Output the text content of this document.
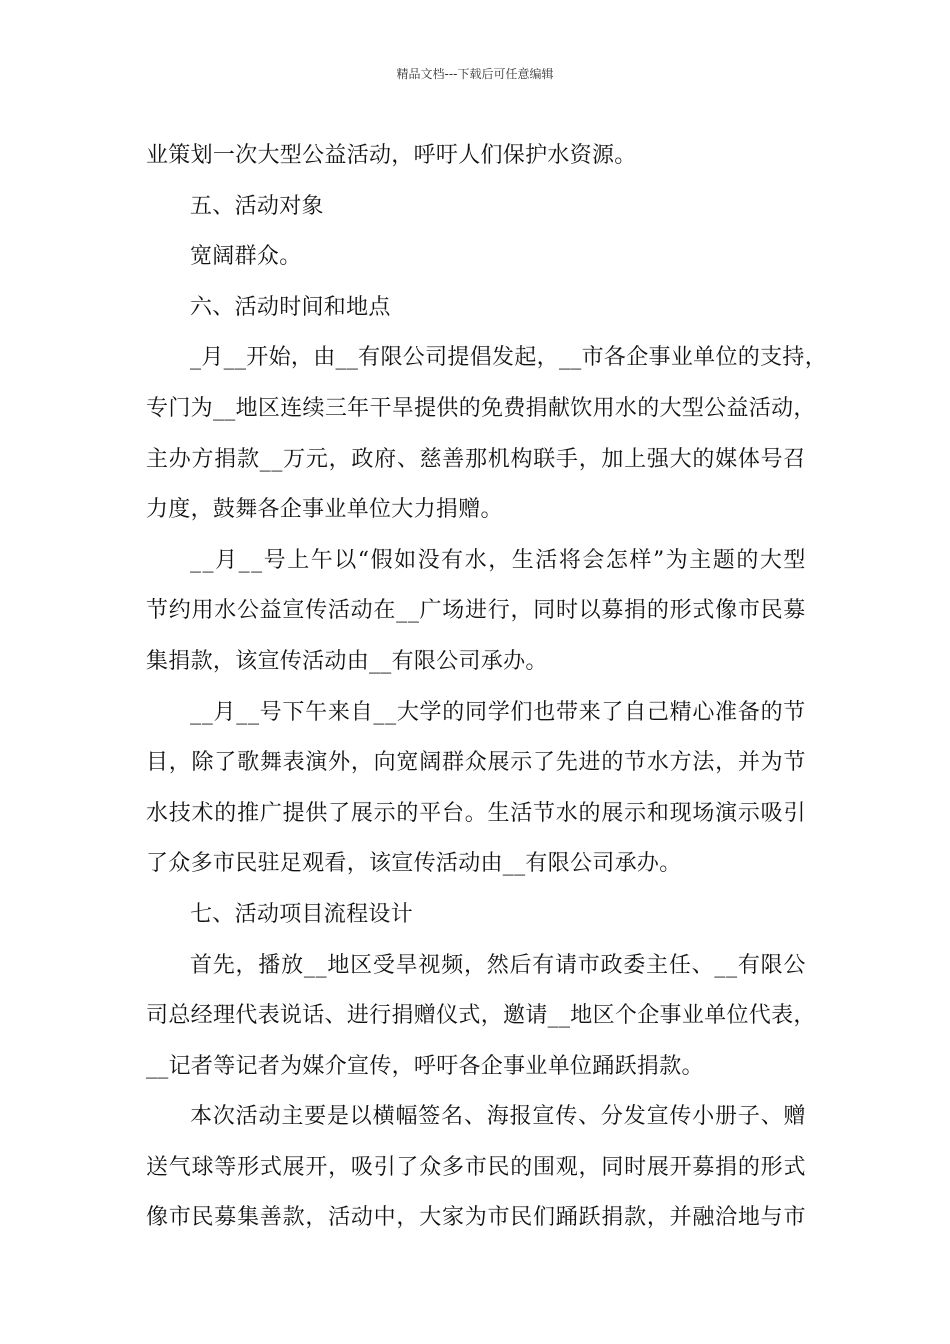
精品文档---下载后可任意编辑
业策划一次大型公益活动，呼吁人们保护水资源。
五、活动对象
宽阔群众。
六、活动时间和地点
_ 月 _ _ 开 始 ， 由 _ _ 有 限 公 司 提 倡 发 起 ， _ _ 市 各 企 事 业 单 位 的 支 持 ，
专 门 为 _ _ 地 区 连 续 三 年 干 旱 提 供 的 免 费 捐 献 饮 用 水 的 大 型 公 益 活 动 ，
主 办 方 捐 款 _ _ 万 元 ， 政 府 、 慈 善 那 机 构 联 手 ， 加 上 强 大 的 媒 体 号 召
力度，鼓舞各企事业单位大力捐赠。
_ _ 月 _ _ 号 上 午 以 “ 假 如 没 有 水 ， 生 活 将 会 怎 样 ” 为 主 题 的 大 型
节 约 用 水 公 益 宣 传 活 动 在 _ _ 广 场 进 行 ， 同 时 以 募 捐 的 形 式 像 市 民 募
集捐款，该宣传活动由__有限公司承办。
_ _ 月 _ _ 号 下 午 来 自 _ _ 大 学 的 同 学 们 也 带 来 了 自 己 精 心 准 备 的 节
目 ， 除 了 歌 舞 表 演 外 ， 向 宽 阔 群 众 展 示 了 先 进 的 节 水 方 法 ， 并 为 节
水 技 术 的 推 广 提 供 了 展 示 的 平 台 。 生 活 节 水 的 展 示 和 现 场 演 示 吸 引
了众多市民驻足观看，该宣传活动由__有限公司承办。
七、活动项目流程设计
首 先 ， 播 放 _ _ 地 区 受 旱 视 频 ， 然 后 有 请 市 政 委 主 任 、 _ _ 有 限 公
司 总 经 理 代 表 说 话 、 进 行 捐 赠 仪 式 ， 邀 请 _ _ 地 区 个 企 事 业 单 位 代 表 ，
__记者等记者为媒介宣传，呼吁各企事业单位踊跃捐款。
本 次 活 动 主 要 是 以 横 幅 签 名 、 海 报 宣 传 、 分 发 宣 传 小 册 子 、 赠
送 气 球 等 形 式 展 开 ， 吸 引 了 众 多 市 民 的 围 观 ， 同 时 展 开 募 捐 的 形 式
像 市 民 募 集 善 款 ， 活 动 中 ， 大 家 为 市 民 们 踊 跃 捐 款 ， 并 融 洽 地 与 市
